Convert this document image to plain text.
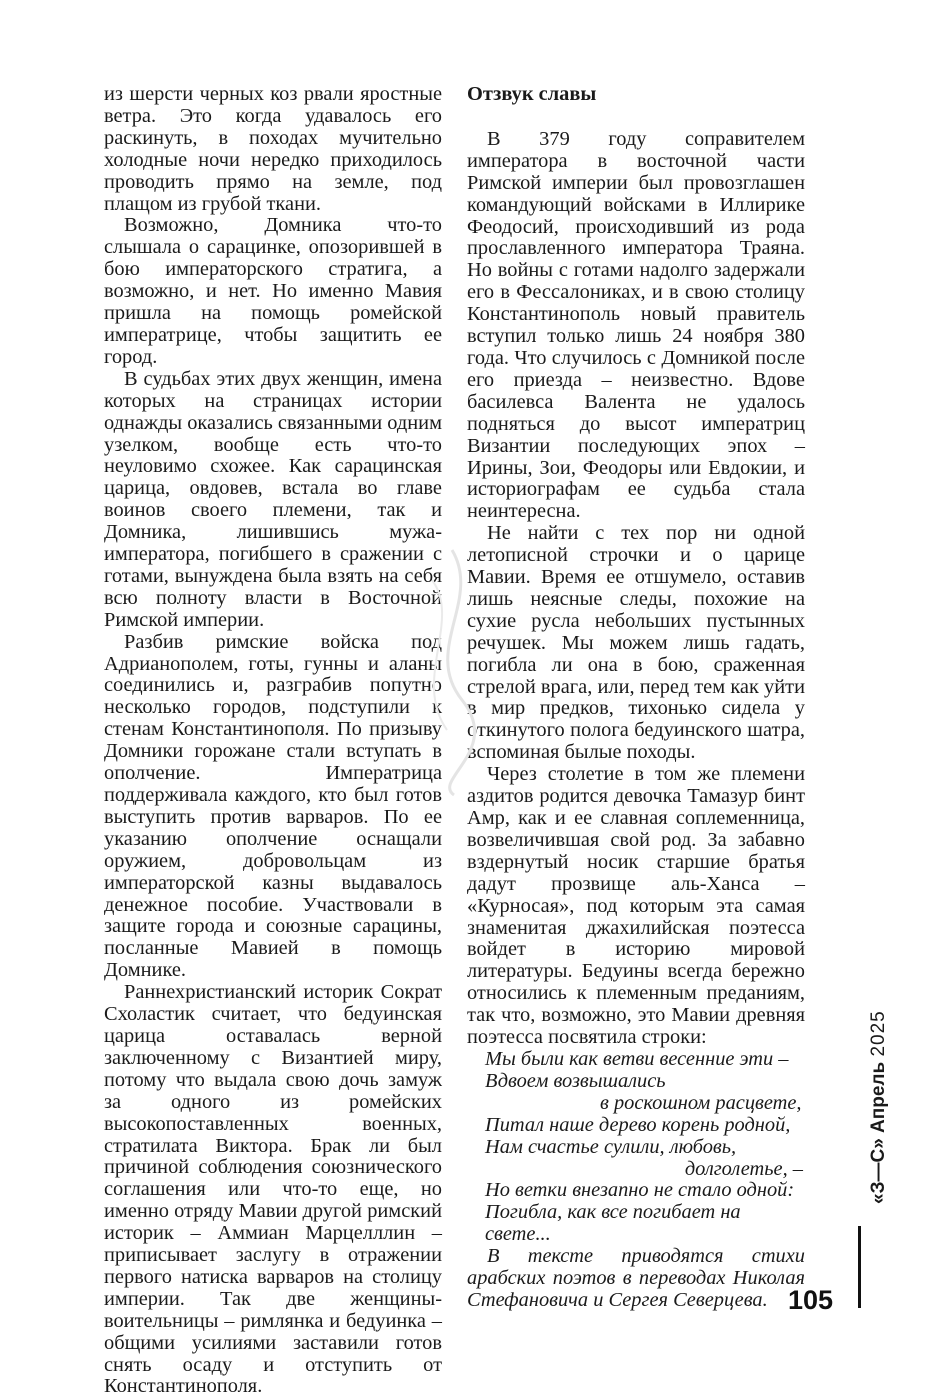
из шерсти черных коз рвали яростные ветра. Это когда удавалось его раскинуть, в походах мучительно холодные ночи нередко приходилось проводить прямо на земле, под плащом из грубой ткани.

Возможно, Домника что-то слышала о сарацинке, опозорившей в бою императорского стратига, а возможно, и нет. Но именно Мавия пришла на помощь ромейской императрице, чтобы защитить ее город.

В судьбах этих двух женщин, имена которых на страницах истории однажды оказались связанными одним узелком, вообще есть что-то неуловимо схожее. Как сарацинская царица, овдовев, встала во главе воинов своего племени, так и Домника, лишившись мужа-императора, погибшего в сражении с готами, вынуждена была взять на себя всю полноту власти в Восточной Римской империи.

Разбив римские войска под Адрианополем, готы, гунны и аланы соединились и, разграбив попутно несколько городов, подступили к стенам Константинополя. По призыву Домники горожане стали вступать в ополчение. Императрица поддерживала каждого, кто был готов выступить против варваров. По ее указанию ополчение оснащали оружием, добровольцам из императорской казны выдавалось денежное пособие. Участвовали в защите города и союзные сарацины, посланные Мавией в помощь Домнике.

Раннехристианский историк Сократ Схоластик считает, что бедуинская царица оставалась верной заключенному с Византией миру, потому что выдала свою дочь замуж за одного из ромейских высокопоставленных военных, стратилата Виктора. Брак ли был причиной соблюдения союзнического соглашения или что-то еще, но именно отряду Мавии другой римский историк – Аммиан Марцелллин – приписывает заслугу в отражении первого натиска варваров на столицу империи. Так две женщины-воительницы – римлянка и бедуинка – общими усилиями заставили готов снять осаду и отступить от Константинополя.

Отзвук славы

В 379 году соправителем императора в восточной части Римской империи был провозглашен командующий войсками в Иллирике Феодосий, происходивший из рода прославленного императора Траяна. Но войны с готами надолго задержали его в Фессалониках, и в свою столицу Константинополь новый правитель вступил только лишь 24 ноября 380 года. Что случилось с Домникой после его приезда – неизвестно. Вдове басилевса Валента не удалось подняться до высот императриц Византии последующих эпох – Ирины, Зои, Феодоры или Евдокии, и историографам ее судьба стала неинтересна.

Не найти с тех пор ни одной летописной строчки и о царице Мавии. Время ее отшумело, оставив лишь неясные следы, похожие на сухие русла небольших пустынных речушек. Мы можем лишь гадать, погибла ли она в бою, сраженная стрелой врага, или, перед тем как уйти в мир предков, тихонько сидела у откинутого полога бедуинского шатра, вспоминая былые походы.

Через столетие в том же племени аздитов родится девочка Тамазур бинт Амр, как и ее славная соплеменница, возвеличившая свой род. За забавно вздернутый носик старшие братья дадут прозвище аль-Ханса – «Курносая», под которым эта самая знаменитая джахилийская поэтесса войдет в историю мировой литературы. Бедуины всегда бережно относились к племенным преданиям, так что, возможно, это Мавии древняя поэтесса посвятила строки:

Мы были как ветви весенние эти –
Вдвоем возвышались
в роскошном расцвете,
Питал наше дерево корень родной,
Нам счастье сулили, любовь,
долголетье, –
Но ветки внезапно не стало одной:
Погибла, как все погибает на свете...

В тексте приводятся стихи арабских поэтов в переводах Николая Стефановича и Сергея Северцева.

«З—С» Апрель 2025
105
